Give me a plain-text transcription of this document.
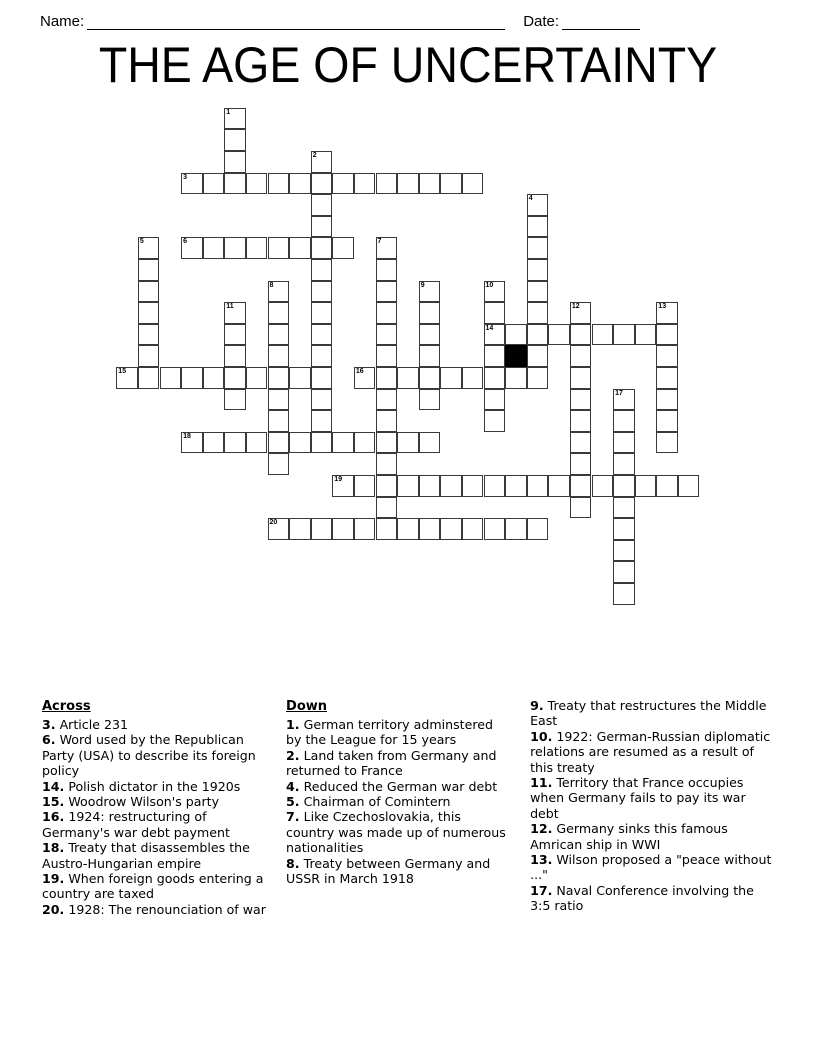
Name:	Date:
THE AGE OF UNCERTAINTY
1
2
3
4
5	6	7
8	9	10
11	12	13
14
15	16
17
18
19
20
Across

3. Article 231

6. Word used by the Republican Party (USA) to describe its foreign policy

14. Polish dictator in the 1920s

15. Woodrow Wilson's party

16. 1924: restructuring of Germany's war debt payment

18. Treaty that disassembles the Austro-Hungarian empire

19. When foreign goods entering a country are taxed

20. 1928: The renounciation of war

Down

1. German territory adminstered by the League for 15 years

2. Land taken from Germany and returned to France

4. Reduced the German war debt

5. Chairman of Comintern

7. Like Czechoslovakia, this country was made up of numerous nationalities

8. Treaty between Germany and USSR in March 1918

9. Treaty that restructures the Middle East

10. 1922: German-Russian diplomatic relations are resumed as a result of this treaty

11. Territory that France occupies when Germany fails to pay its war debt

12. Germany sinks this famous Amrican ship in WWI

13. Wilson proposed a "peace without ..."

17. Naval Conference involving the 3:5 ratio
